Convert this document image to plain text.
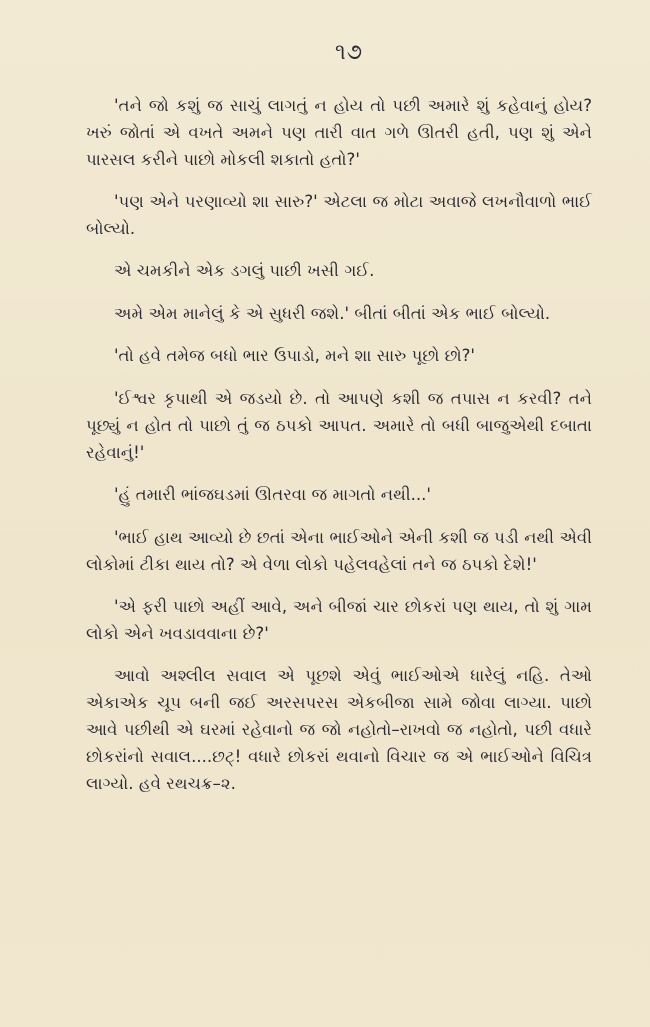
૧૭

'તને જો કશું જ સાચું લાગતું ન હોય તો પછી અમારે શું કહેવાનું હોય? ખરું જોતાં એ વખતે અમને પણ તારી વાત ગળે ઊતરી હતી, પણ શું એને પારસલ કરીને પાછો મોકલી શકાતો હતો?'

'પણ એને પરણાવ્યો શા સારુ?' એટલા જ મોટા અવાજે લખનૌવાળો ભાઈ બોલ્યો.

એ ચમકીને એક ડગલું પાછી ખસી ગઈ.

અમે એમ માનેલું કે એ સુધરી જશે.' બીતાં બીતાં એક ભાઈ બોલ્યો.

'તો હવે તમેજ બધો ભાર ઉપાડો, મને શા સારુ પૂછો છો?'

'ઈશ્વર કૃપાથી એ જડયો છે. તો આપણે કશી જ તપાસ ન કરવી? તને પૂછ્યું ન હોત તો પાછો તું જ ઠપકો આપત. અમારે તો બધી બાજુએથી દબાતા રહેવાનું!'

'હું તમારી ભાંજઘડમાં ઊતરવા જ માગતો નથી...'

'ભાઈ હાથ આવ્યો છે છતાં એના ભાઈઓને એની કશી જ પડી નથી એવી લોકોમાં ટીકા થાય તો? એ વેળા લોકો પહેલવહેલાં તને જ ઠપકો દેશે!'

'એ ફરી પાછો અહીં આવે, અને બીજાં ચાર છોકરાં પણ થાય, તો શું ગામ લોકો એને ખવડાવવાના છે?'

આવો અશ્લીલ સવાલ એ પૂછશે એવું ભાઈઓએ ધારેલું નહિ. તેઓ એકાએક ચૂપ બની જઈ અરસપરસ એકબીજા સામે જોવા લાગ્યા. પાછો આવે પછીથી એ ઘરમાં રહેવાનો જ જો નહોતો–રાખવો જ નહોતો, પછી વધારે છોકરાંનો સવાલ....છટ્! વધારે છોકરાં થવાનો વિચાર જ એ ભાઈઓને વિચિત્ર લાગ્યો. હવે રથચક્ર–૨.
